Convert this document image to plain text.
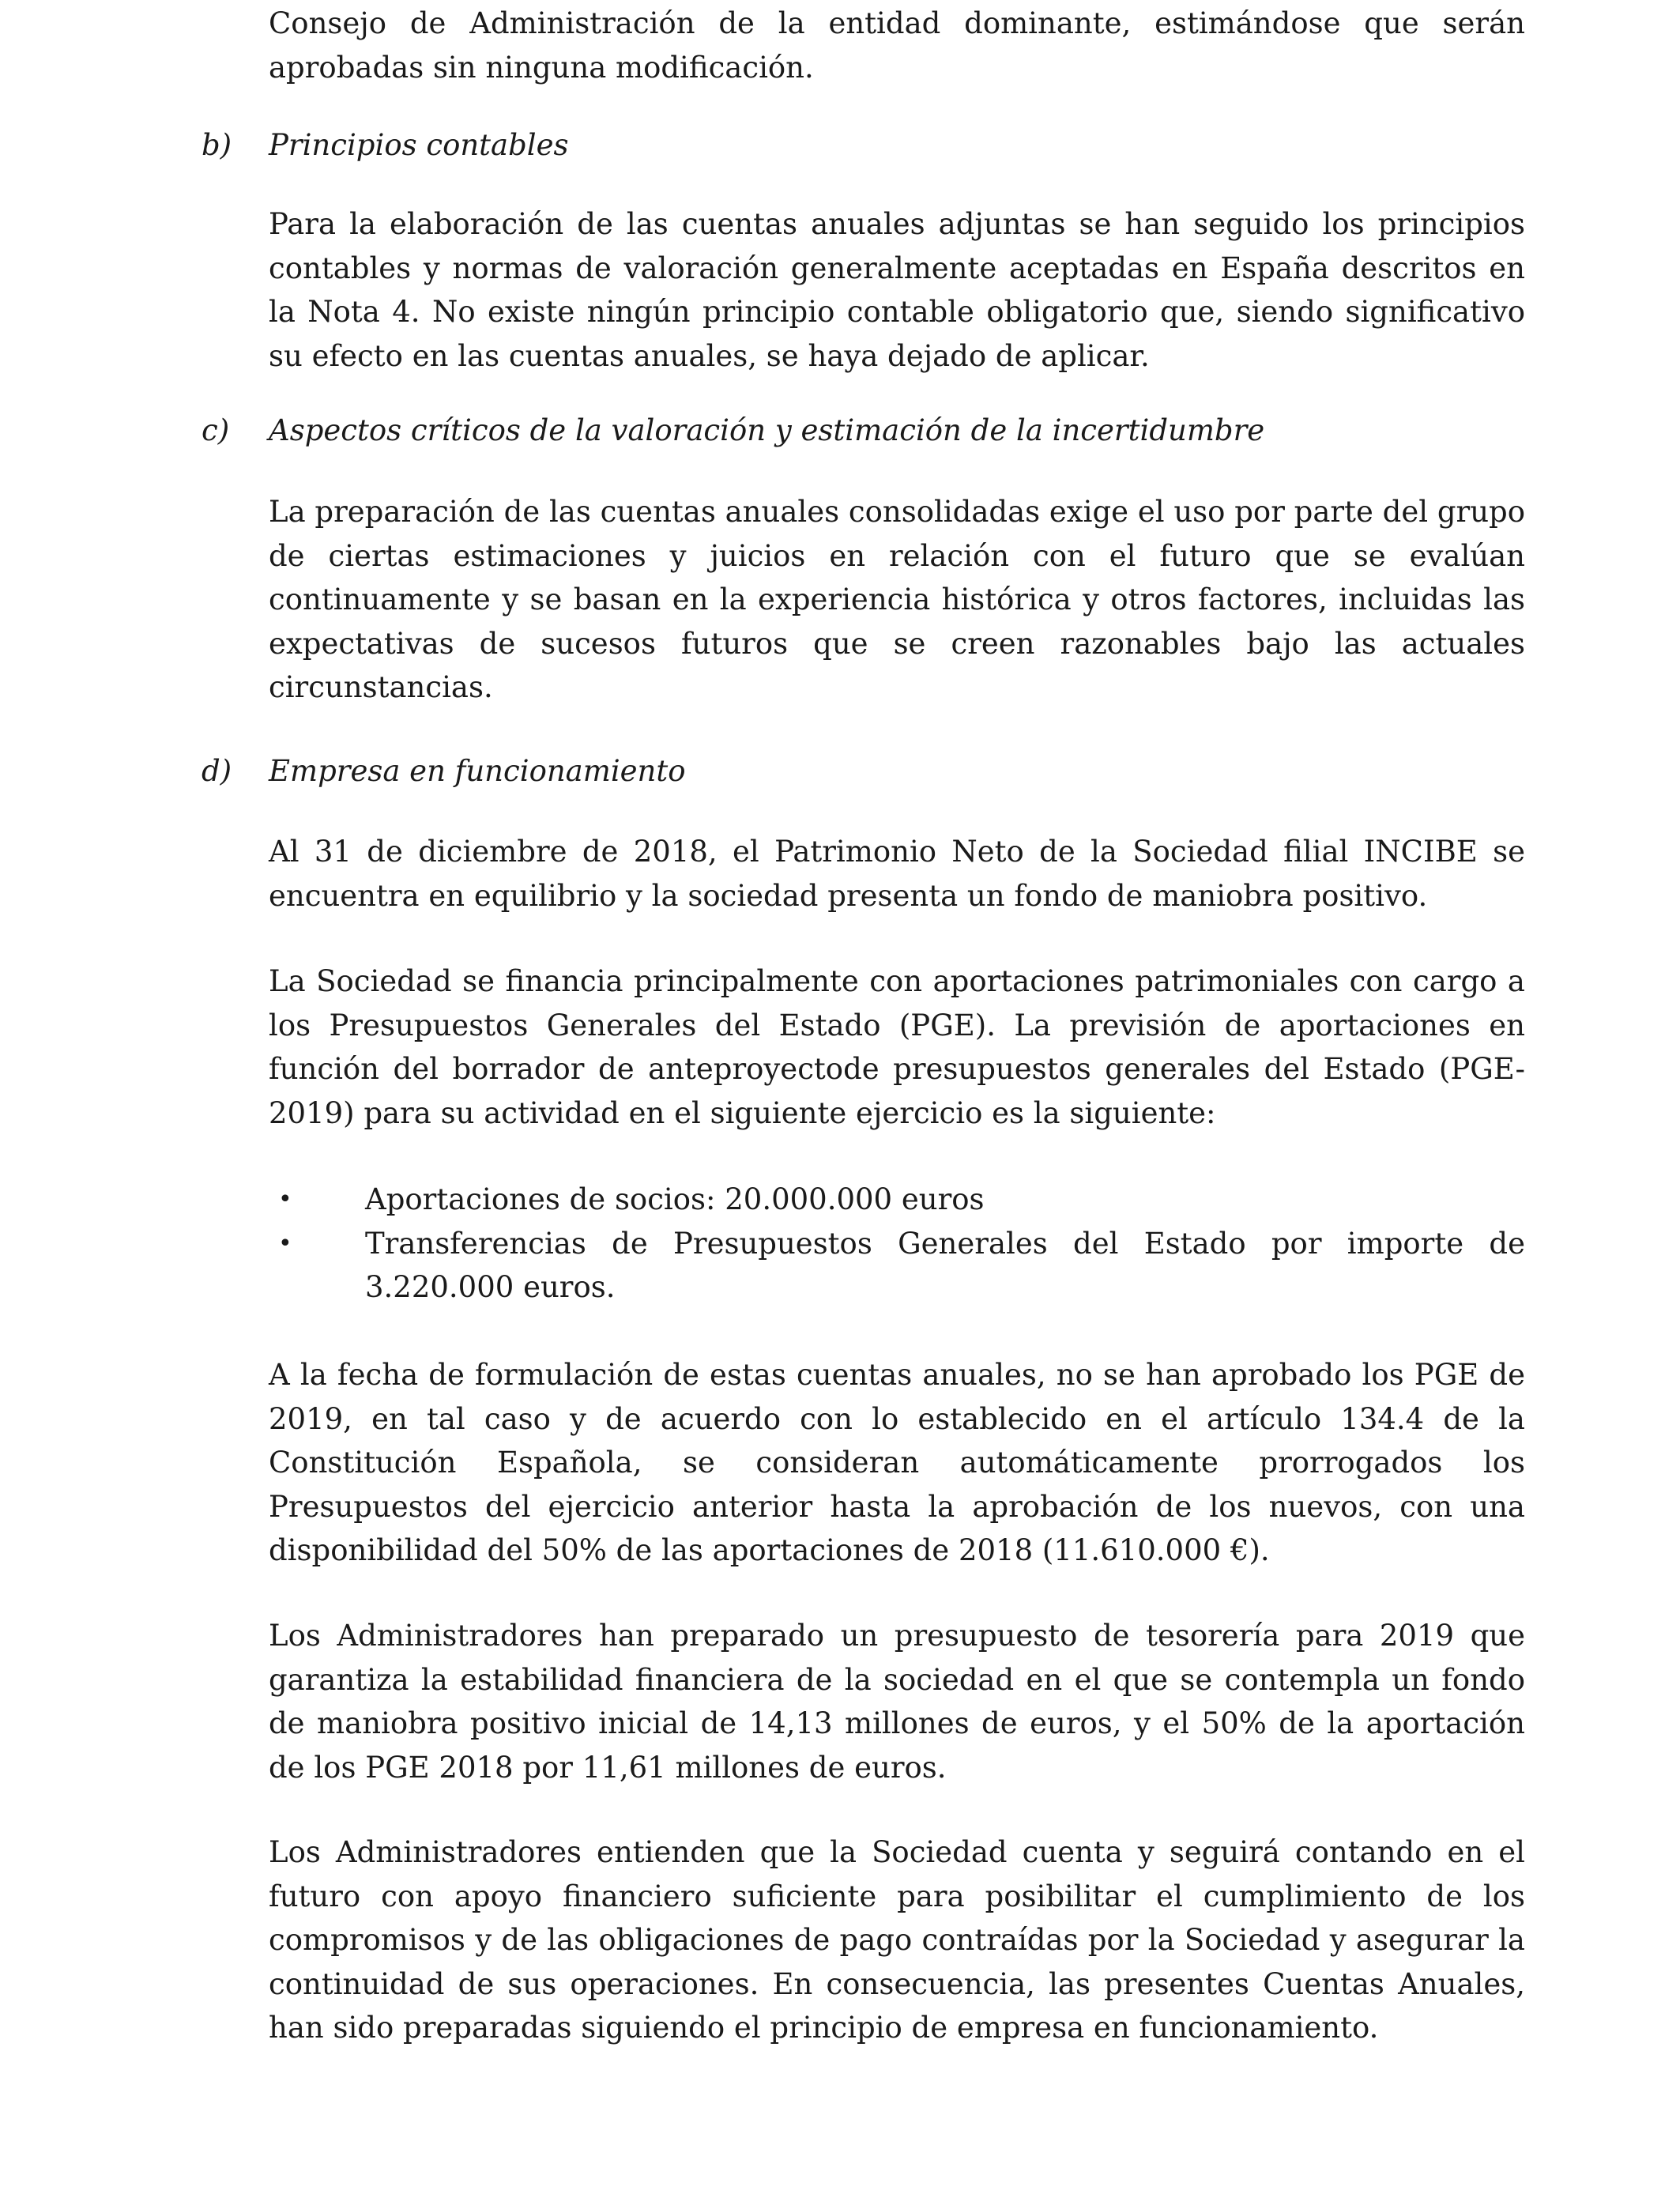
Consejo de Administración de la entidad dominante, estimándose que serán aprobadas sin ninguna modificación.

b) Principios contables

Para la elaboración de las cuentas anuales adjuntas se han seguido los principios contables y normas de valoración generalmente aceptadas en España descritos en la Nota 4. No existe ningún principio contable obligatorio que, siendo significativo su efecto en las cuentas anuales, se haya dejado de aplicar.

c) Aspectos críticos de la valoración y estimación de la incertidumbre

La preparación de las cuentas anuales consolidadas exige el uso por parte del grupo de ciertas estimaciones y juicios en relación con el futuro que se evalúan continuamente y se basan en la experiencia histórica y otros factores, incluidas las expectativas de sucesos futuros que se creen razonables bajo las actuales circunstancias.

d) Empresa en funcionamiento

Al 31 de diciembre de 2018, el Patrimonio Neto de la Sociedad filial INCIBE se encuentra en equilibrio y la sociedad presenta un fondo de maniobra positivo.

La Sociedad se financia principalmente con aportaciones patrimoniales con cargo a los Presupuestos Generales del Estado (PGE). La previsión de aportaciones en función del borrador de anteproyectode presupuestos generales del Estado (PGE-2019) para su actividad en el siguiente ejercicio es la siguiente:

• Aportaciones de socios: 20.000.000 euros
• Transferencias de Presupuestos Generales del Estado por importe de 3.220.000 euros.

A la fecha de formulación de estas cuentas anuales, no se han aprobado los PGE de 2019, en tal caso y de acuerdo con lo establecido en el artículo 134.4 de la Constitución Española, se consideran automáticamente prorrogados los Presupuestos del ejercicio anterior hasta la aprobación de los nuevos, con una disponibilidad del 50% de las aportaciones de 2018 (11.610.000 €).

Los Administradores han preparado un presupuesto de tesorería para 2019 que garantiza la estabilidad financiera de la sociedad en el que se contempla un fondo de maniobra positivo inicial de 14,13 millones de euros, y el 50% de la aportación de los PGE 2018 por 11,61 millones de euros.

Los Administradores entienden que la Sociedad cuenta y seguirá contando en el futuro con apoyo financiero suficiente para posibilitar el cumplimiento de los compromisos y de las obligaciones de pago contraídas por la Sociedad y asegurar la continuidad de sus operaciones. En consecuencia, las presentes Cuentas Anuales, han sido preparadas siguiendo el principio de empresa en funcionamiento.
